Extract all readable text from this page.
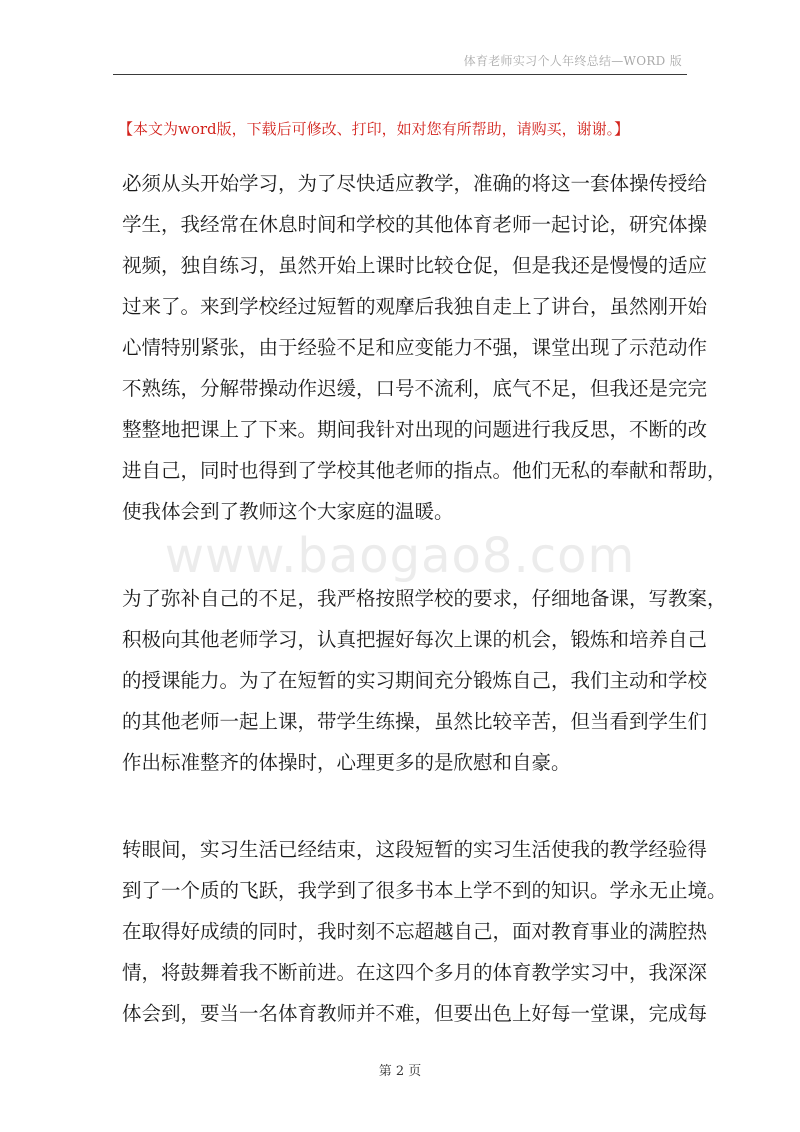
体育老师实习个人年终总结—WORD 版
【本文为word版，下载后可修改、打印，如对您有所帮助，请购买，谢谢。】
www.baogao8.com
必须从头开始学习，为了尽快适应教学，准确的将这一套体操传授给
学生，我经常在休息时间和学校的其他体育老师一起讨论，研究体操
视频，独自练习，虽然开始上课时比较仓促，但是我还是慢慢的适应
过来了。来到学校经过短暂的观摩后我独自走上了讲台，虽然刚开始
心情特别紧张，由于经验不足和应变能力不强，课堂出现了示范动作
不熟练，分解带操动作迟缓，口号不流利，底气不足，但我还是完完
整整地把课上了下来。期间我针对出现的问题进行我反思，不断的改
进自己，同时也得到了学校其他老师的指点。他们无私的奉献和帮助，
使我体会到了教师这个大家庭的温暖。
为了弥补自己的不足，我严格按照学校的要求，仔细地备课，写教案，
积极向其他老师学习，认真把握好每次上课的机会，锻炼和培养自己
的授课能力。为了在短暂的实习期间充分锻炼自己，我们主动和学校
的其他老师一起上课，带学生练操，虽然比较辛苦，但当看到学生们
作出标准整齐的体操时，心理更多的是欣慰和自豪。
转眼间，实习生活已经结束，这段短暂的实习生活使我的教学经验得
到了一个质的飞跃，我学到了很多书本上学不到的知识。学永无止境。
在取得好成绩的同时，我时刻不忘超越自己，面对教育事业的满腔热
情，将鼓舞着我不断前进。在这四个多月的体育教学实习中，我深深
体会到，要当一名体育教师并不难，但要出色上好每一堂课，完成每
第 2 页
